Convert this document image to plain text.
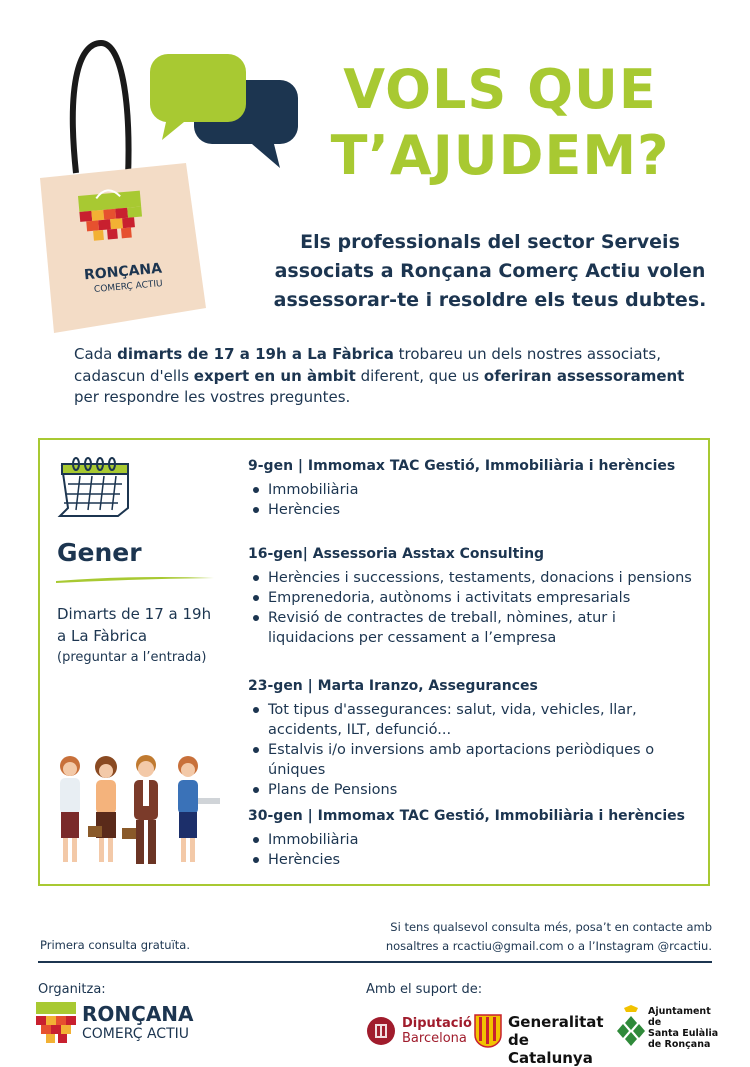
RONÇANA
COMERÇ ACTIU
VOLS QUE
T’AJUDEM?
Els professionals del sector Serveis
associats a Ronçana Comerç Actiu volen
assessorar-te i resoldre els teus dubtes.
Cada dimarts de 17 a 19h a La Fàbrica trobareu un dels nostres associats, cadascun d'ells expert en un àmbit diferent, que us oferiran assessorament per respondre les vostres preguntes.
Gener
Dimarts de 17 a 19h
a La Fàbrica
(preguntar a l’entrada)
9-gen | Immomax TAC Gestió, Immobiliària i herències
Immobiliària
Herències
16-gen| Assessoria Asstax Consulting
Herències i successions, testaments, donacions i pensions
Emprenedoria, autònoms i activitats empresarials
Revisió de contractes de treball, nòmines, atur i liquidacions per cessament a l’empresa
23-gen | Marta Iranzo, Assegurances
Tot tipus d'assegurances: salut, vida, vehicles, llar, accidents, ILT, defunció...
Estalvis i/o inversions amb aportacions periòdiques o úniques
Plans de Pensions
30-gen | Immomax TAC Gestió, Immobiliària i herències
Immobiliària
Herències
Primera consulta gratuïta.
Si tens qualsevol consulta més, posa’t en contacte amb
nosaltres a rcactiu@gmail.com o a l’Instagram @rcactiu.
Organitza:
RONÇANA
COMERÇ ACTIU
Amb el suport de:
Diputació
Barcelona
Generalitat
de Catalunya
Ajuntament de
Santa Eulàlia
de Ronçana
